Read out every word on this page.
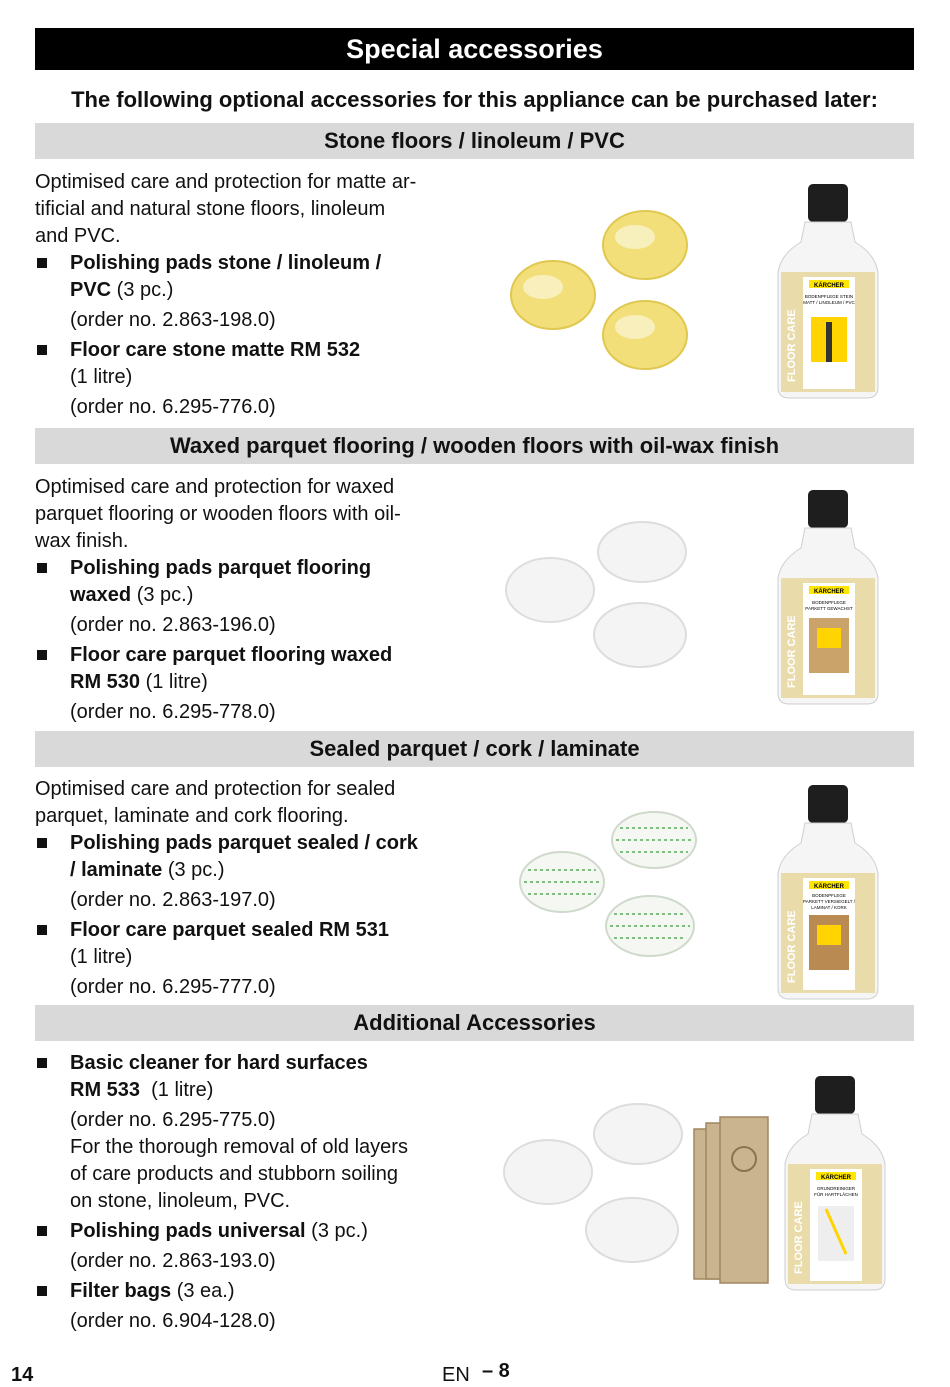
Special accessories
The following optional accessories for this appliance can be purchased later:
Stone floors / linoleum / PVC

Optimised care and protection for matte ar-

tificial and natural stone floors, linoleum

and PVC.

Polishing pads stone / linoleum /
PVC (3 pc.)
(order no. 2.863-198.0)
Floor care stone matte RM 532
(1 litre)
(order no. 6.295-776.0)
Waxed parquet flooring / wooden floors with oil-wax finish

Optimised care and protection for waxed

parquet flooring or wooden floors with oil-

wax finish.

Polishing pads parquet flooring
waxed (3 pc.)
(order no. 2.863-196.0)
Floor care parquet flooring waxed
RM 530 (1 litre)
(order no. 6.295-778.0)
Sealed parquet / cork / laminate

Optimised care and protection for sealed

parquet, laminate and cork flooring.

Polishing pads parquet sealed / cork
/ laminate (3 pc.)
(order no. 2.863-197.0)
Floor care parquet sealed RM 531
(1 litre)
(order no. 6.295-777.0)
Additional Accessories
Basic cleaner for hard surfaces
RM 533  (1 litre)
(order no. 6.295-775.0)
For the thorough removal of old layers
of care products and stubborn soiling
on stone, linoleum, PVC.
Polishing pads universal (3 pc.)
(order no. 2.863-193.0)
Filter bags (3 ea.)
(order no. 6.904-128.0)
KÄRCHER
BODENPFLEGE STEIN
MATT / LINOLEUM / PVC
FLOOR CARE
KÄRCHER
BODENPFLEGE
PARKETT GEWACHST
FLOOR CARE
KÄRCHER
BODENPFLEGE
PARKETT VERSIEGELT /
LAMINAT / KORK
FLOOR CARE
KÄRCHER
GRUNDREINIGER
FÜR HARTFLÄCHEN
FLOOR CARE
14	EN – 8
